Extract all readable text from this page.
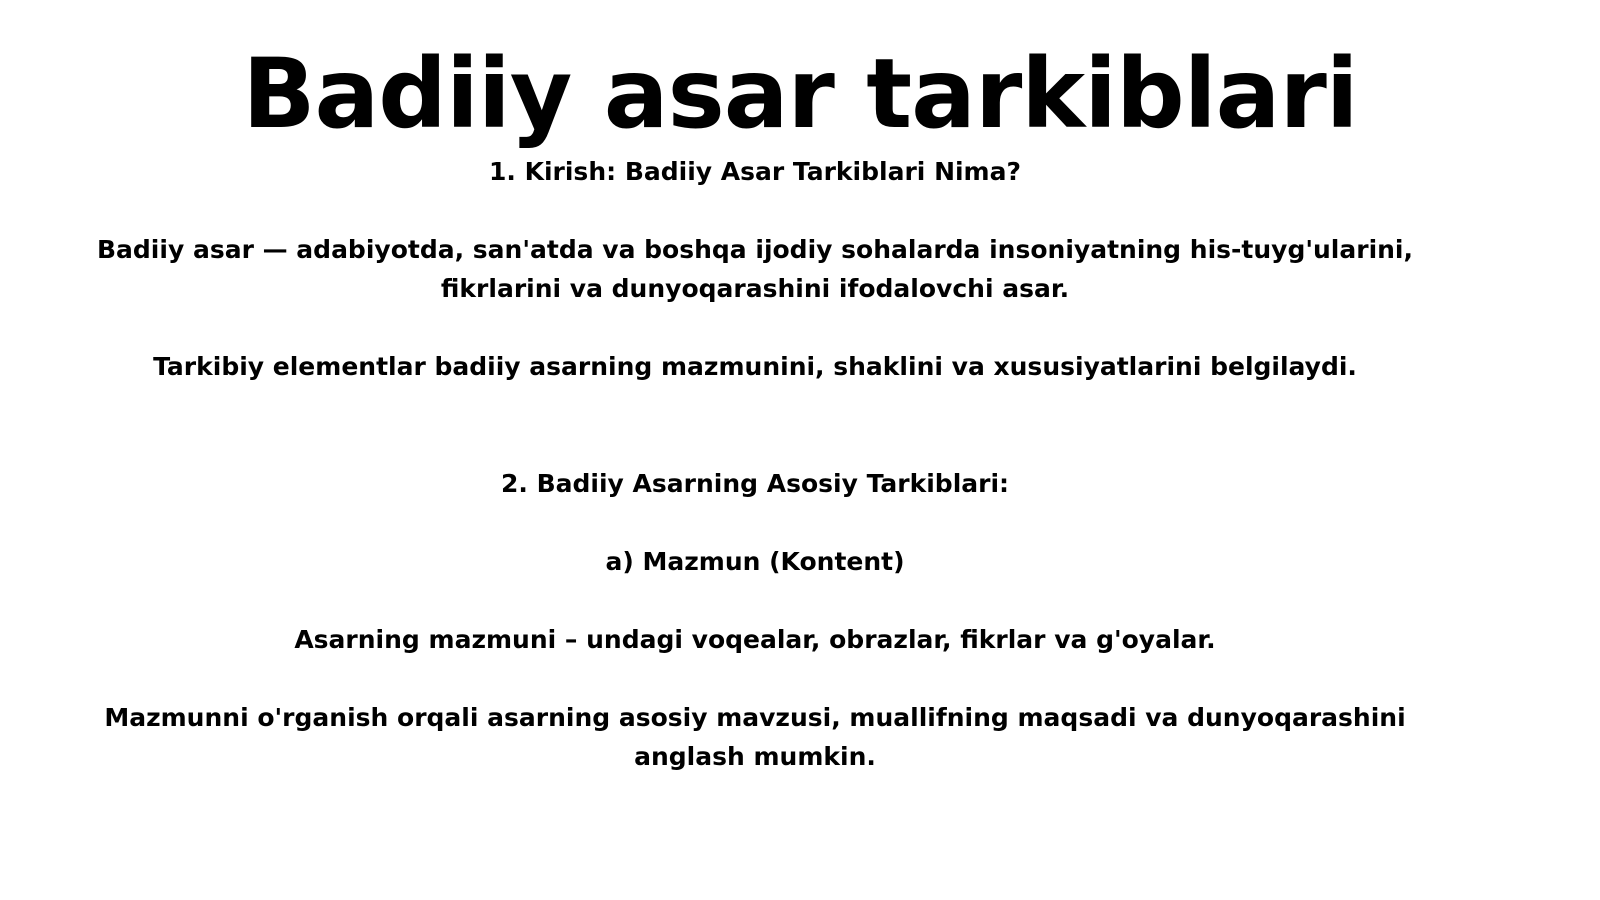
Badiiy asar tarkiblari

1. Kirish: Badiiy Asar Tarkiblari Nima?

Badiiy asar — adabiyotda, san'atda va boshqa ijodiy sohalarda insoniyatning his-tuyg'ularini,

fikrlarini va dunyoqarashini ifodalovchi asar.

Tarkibiy elementlar badiiy asarning mazmunini, shaklini va xususiyatlarini belgilaydi.

2. Badiiy Asarning Asosiy Tarkiblari:

a) Mazmun (Kontent)

Asarning mazmuni – undagi voqealar, obrazlar, fikrlar va g'oyalar.

Mazmunni o'rganish orqali asarning asosiy mavzusi, muallifning maqsadi va dunyoqarashini

anglash mumkin.
